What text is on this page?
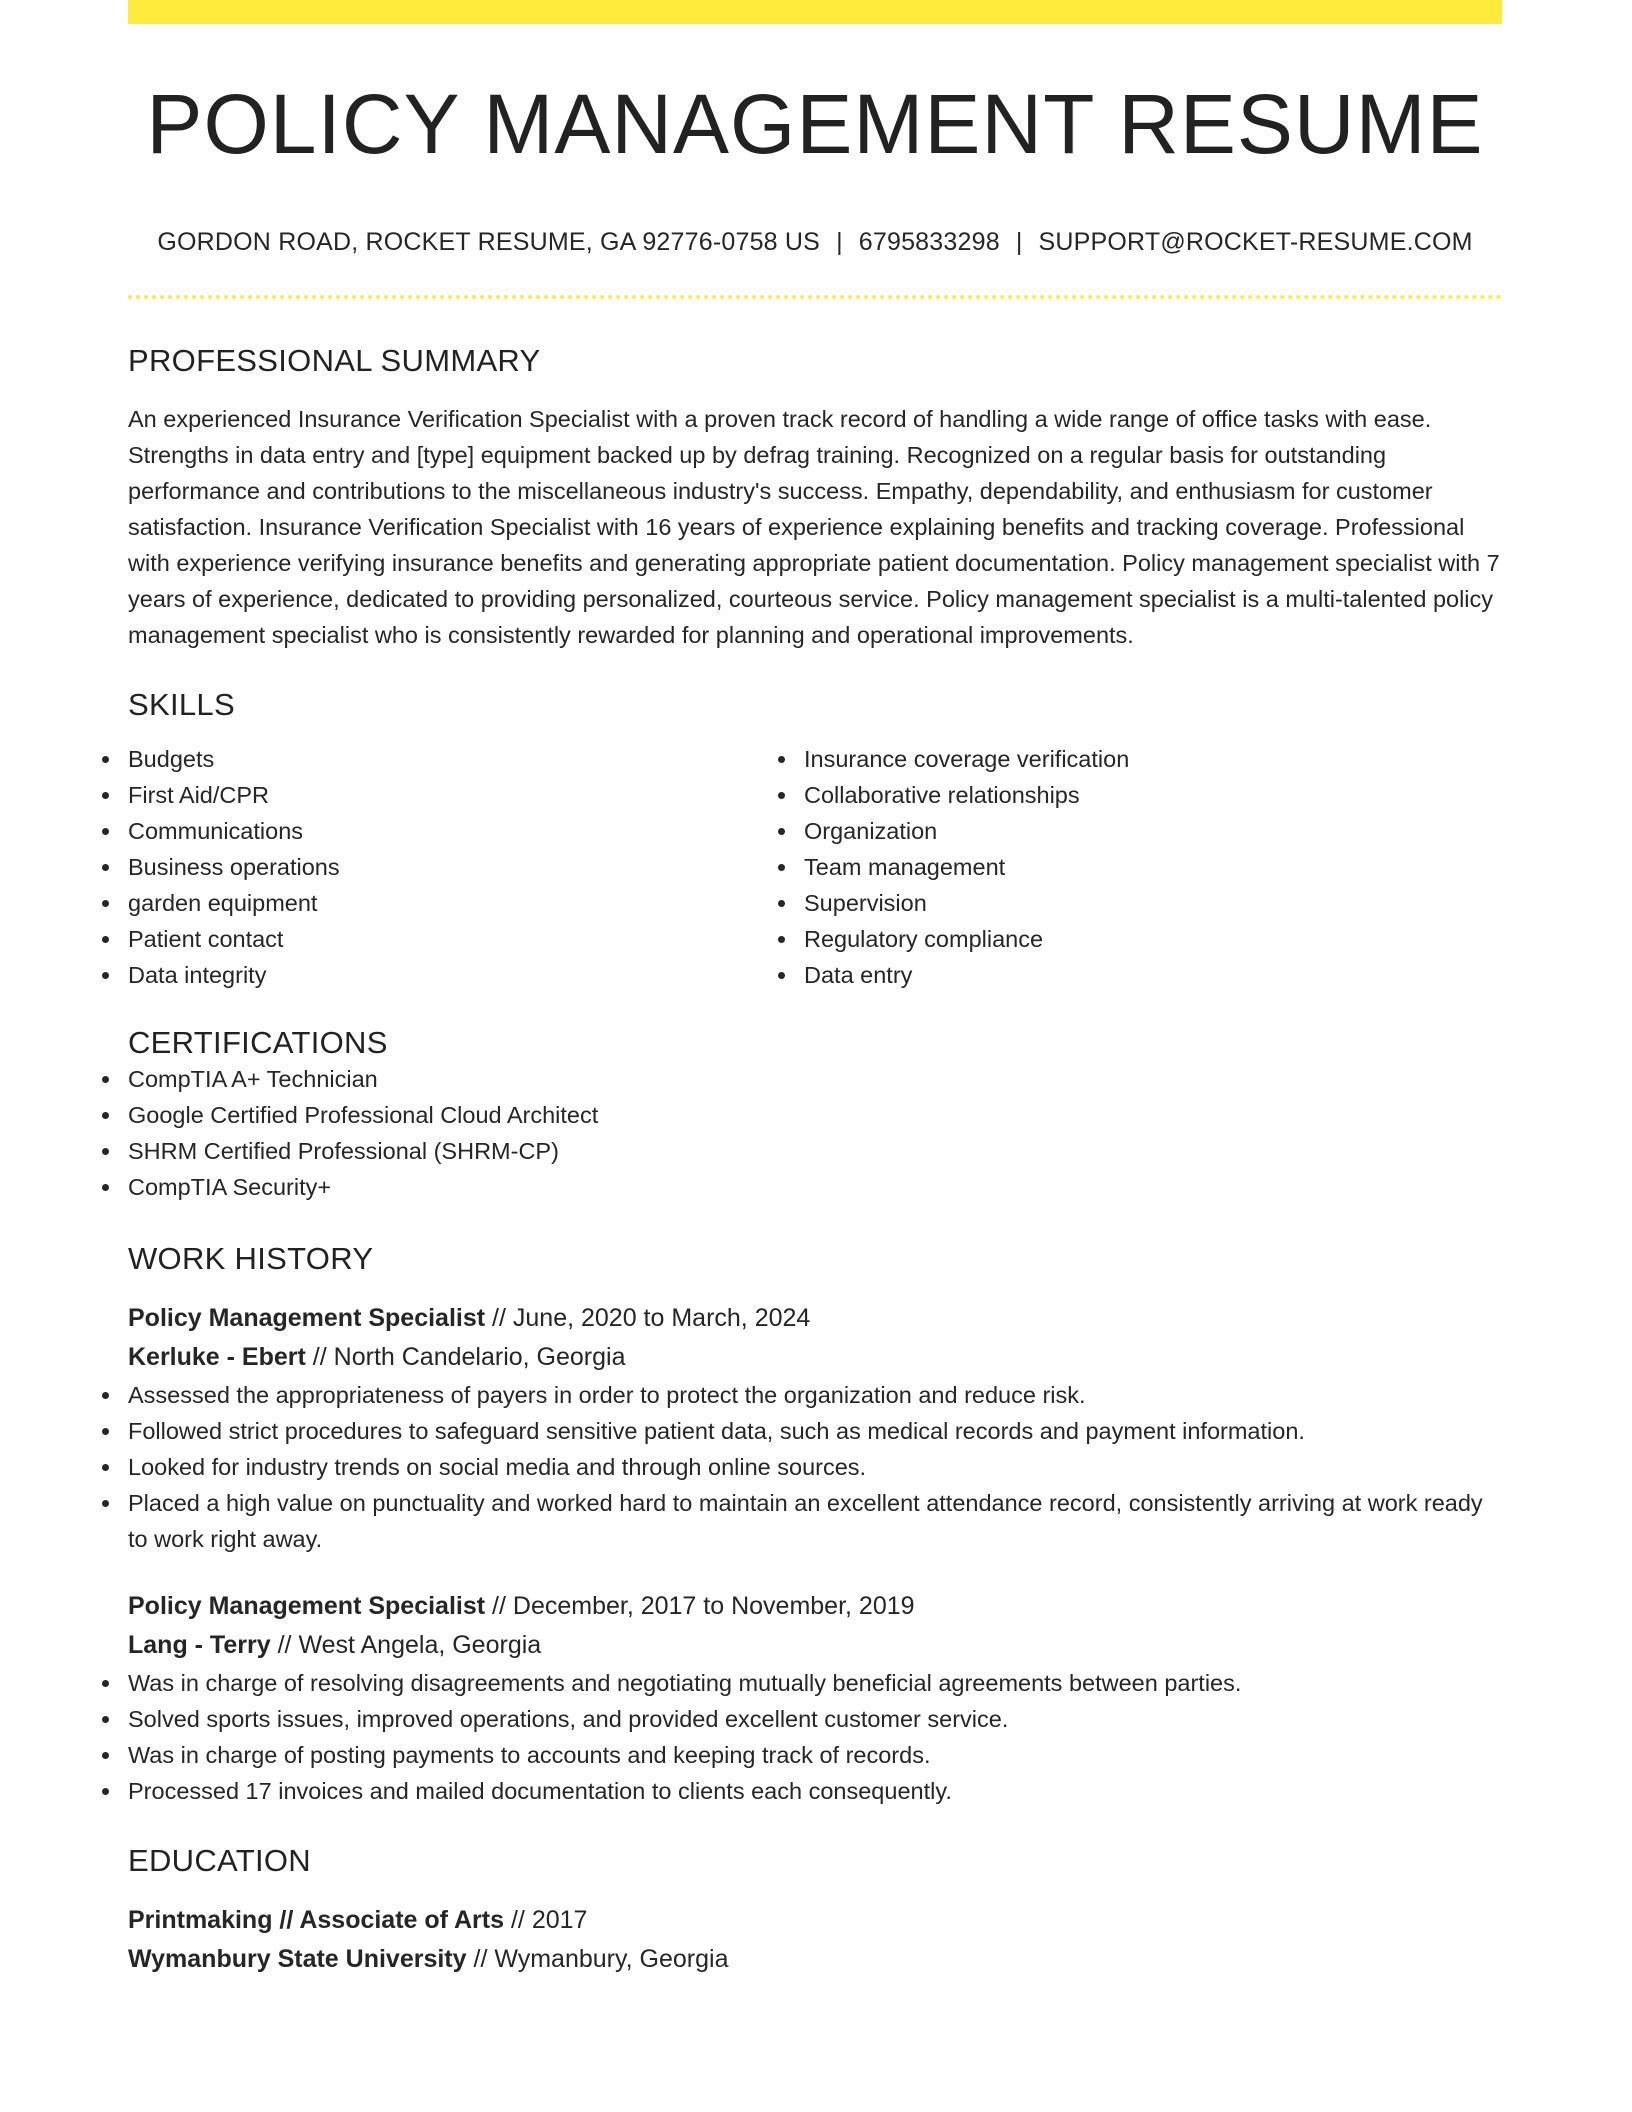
POLICY MANAGEMENT RESUME
GORDON ROAD, ROCKET RESUME, GA 92776-0758 US | 6795833298 | SUPPORT@ROCKET-RESUME.COM
PROFESSIONAL SUMMARY

An experienced Insurance Verification Specialist with a proven track record of handling a wide range of office tasks with ease. Strengths in data entry and [type] equipment backed up by defrag training. Recognized on a regular basis for outstanding performance and contributions to the miscellaneous industry's success. Empathy, dependability, and enthusiasm for customer satisfaction. Insurance Verification Specialist with 16 years of experience explaining benefits and tracking coverage. Professional with experience verifying insurance benefits and generating appropriate patient documentation. Policy management specialist with 7 years of experience, dedicated to providing personalized, courteous service. Policy management specialist is a multi-talented policy management specialist who is consistently rewarded for planning and operational improvements.

SKILLS
Budgets
First Aid/CPR
Communications
Business operations
garden equipment
Patient contact
Data integrity
Insurance coverage verification
Collaborative relationships
Organization
Team management
Supervision
Regulatory compliance
Data entry
CERTIFICATIONS
CompTIA A+ Technician
Google Certified Professional Cloud Architect
SHRM Certified Professional (SHRM-CP)
CompTIA Security+
WORK HISTORY
Policy Management Specialist // June, 2020 to March, 2024
Kerluke - Ebert // North Candelario, Georgia
Assessed the appropriateness of payers in order to protect the organization and reduce risk.
Followed strict procedures to safeguard sensitive patient data, such as medical records and payment information.
Looked for industry trends on social media and through online sources.
Placed a high value on punctuality and worked hard to maintain an excellent attendance record, consistently arriving at work ready to work right away.
Policy Management Specialist // December, 2017 to November, 2019
Lang - Terry // West Angela, Georgia
Was in charge of resolving disagreements and negotiating mutually beneficial agreements between parties.
Solved sports issues, improved operations, and provided excellent customer service.
Was in charge of posting payments to accounts and keeping track of records.
Processed 17 invoices and mailed documentation to clients each consequently.
EDUCATION
Printmaking // Associate of Arts // 2017
Wymanbury State University // Wymanbury, Georgia
